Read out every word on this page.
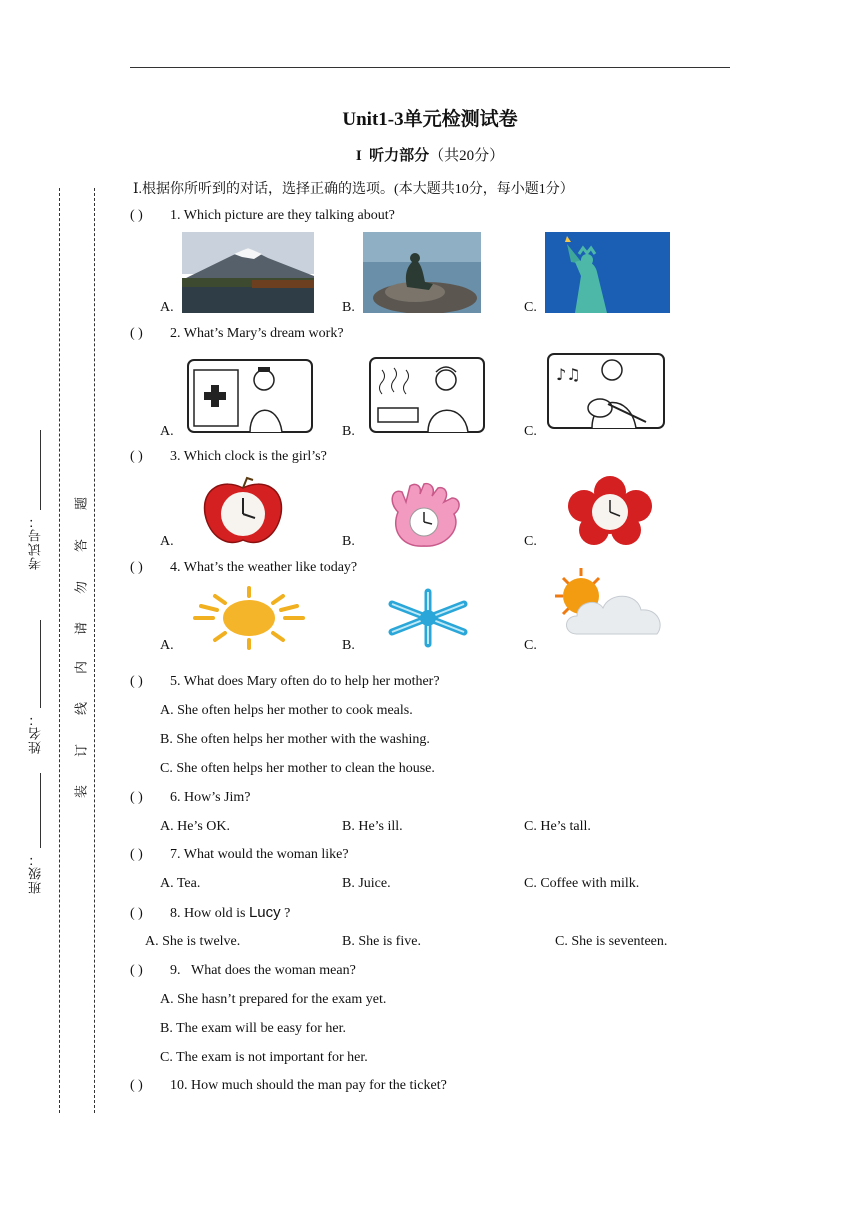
Unit1-3单元检测试卷
I 听力部分（共20分）
Ⅰ.根据你所听到的对话，选择正确的选项。(本大题共10分，每小题1分）
班级：
姓名：
考试号：
装
订
线
内
请
勿
答
题
( ) 1. Which picture are they talking about?
A.	B.	C.
( ) 2. What’s Mary’s dream work?
A.	B.	C.
♪♫
( ) 3. Which clock is the girl’s?
A.	B.	C.
( ) 4. What’s the weather like today?
A.	B.	C.
( ) 5. What does Mary often do to help her mother?
A. She often helps her mother to cook meals.
B. She often helps her mother with the washing.
C. She often helps her mother to clean the house.
( ) 6. How’s Jim?
A. He’s OK.	B. He’s ill.	C. He’s tall.
( ) 7. What would the woman like?
A. Tea.	B. Juice.	C. Coffee with milk.
( ) 8. How old is Lucy ?
A. She is twelve.	B. She is five.	C. She is seventeen.
( ) 9. What does the woman mean?
A. She hasn’t prepared for the exam yet.
B. The exam will be easy for her.
C. The exam is not important for her.
( ) 10. How much should the man pay for the ticket?
